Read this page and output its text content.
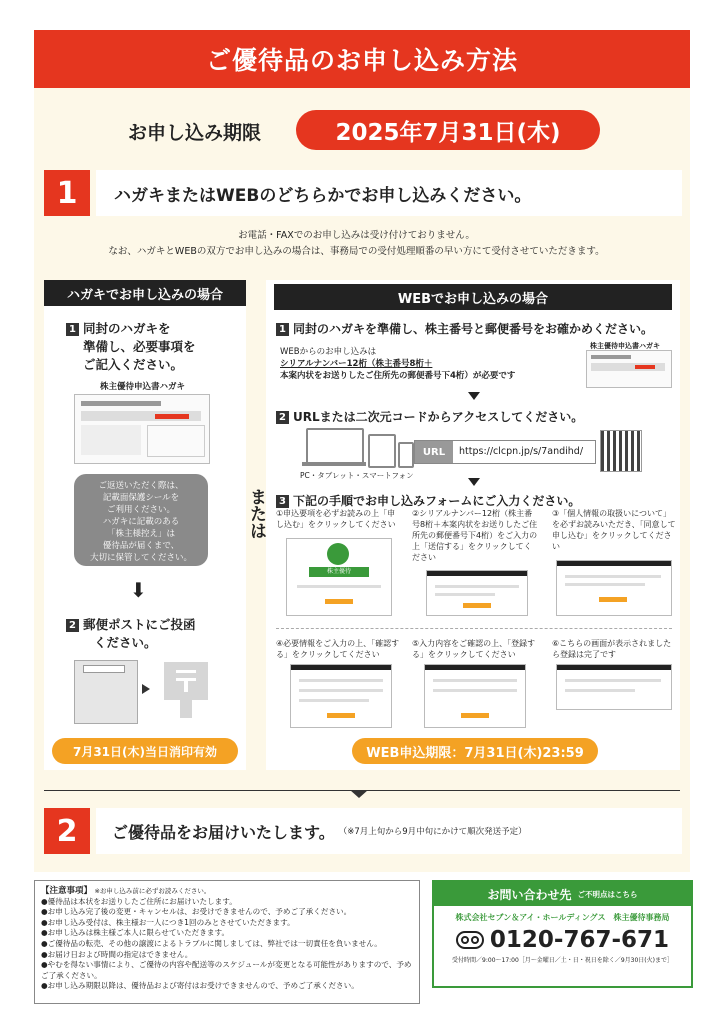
ご優待品のお申し込み方法
お申し込み期限	2025年7月31日(木)
1	ハガキまたはWEBのどちらかでお申し込みください。
お電話・FAXでのお申し込みは受け付けておりません。
なお、ハガキとWEBの双方でお申し込みの場合は、事務局での受付処理順番の早い方にて受付させていただきます。
ハガキでお申し込みの場合
1 同封のハガキを
準備し、必要事項を
ご記入ください。
株主優待申込書ハガキ
ご返送いただく際は、
記載面保護シールを
ご利用ください。
ハガキに記載のある
「株主様控え」は
優待品が届くまで、
大切に保管してください。
⬇
2 郵便ポストにご投函
ください。
7月31日(木)当日消印有効
または
WEBでお申し込みの場合
1 同封のハガキを準備し、株主番号と郵便番号をお確かめください。
WEBからのお申し込みは
シリアルナンバー12桁（株主番号8桁＋
本案内状をお送りしたご住所先の郵便番号下4桁）が必要です
株主優待申込書ハガキ
2 URLまたは二次元コードからアクセスしてください。
PC・タブレット・スマートフォン
URL	https://clcpn.jp/s/7andihd/
3 下記の手順でお申し込みフォームにご入力ください。
①申込要項を必ずお読みの上「申し込む」をクリックしてください
②シリアルナンバー12桁（株主番号8桁＋本案内状をお送りしたご住所先の郵便番号下4桁）をご入力の上「送信する」をクリックしてください
③「個人情報の取扱いについて」を必ずお読みいただき、「同意して申し込む」をクリックしてください
株主優待
④必要情報をご入力の上、「確認する」をクリックしてください
⑤入力内容をご確認の上、「登録する」をクリックしてください
⑥こちらの画面が表示されましたら登録は完了です
WEB申込期限：7月31日(木)23:59
2	ご優待品をお届けいたします。 （※7月上旬から9月中旬にかけて順次発送予定）
【注意事項】 ※お申し込み前に必ずお読みください。
●優待品は本状をお送りしたご住所にお届けいたします。
●お申し込み完了後の変更・キャンセルは、お受けできませんので、予めご了承ください。
●お申し込み受付は、株主様お一人につき1回のみとさせていただきます。
●お申し込みは株主様ご本人に限らせていただきます。
●ご優待品の転売、その他の譲渡によるトラブルに関しましては、弊社では一切責任を負いません。
●お届け日および時間の指定はできません。
●やむを得ない事情により、ご優待の内容や配送等のスケジュールが変更となる可能性がありますので、予めご了承ください。
●お申し込み期限以降は、優待品および寄付はお受けできませんので、予めご了承ください。
お問い合わせ先 ご不明点はこちら
株式会社セブン＆アイ・ホールディングス　株主優待事務局
0120-767-671
受付時間／9:00〜17:00［月〜金曜日／土・日・祝日を除く／9月30日(火)まで］
